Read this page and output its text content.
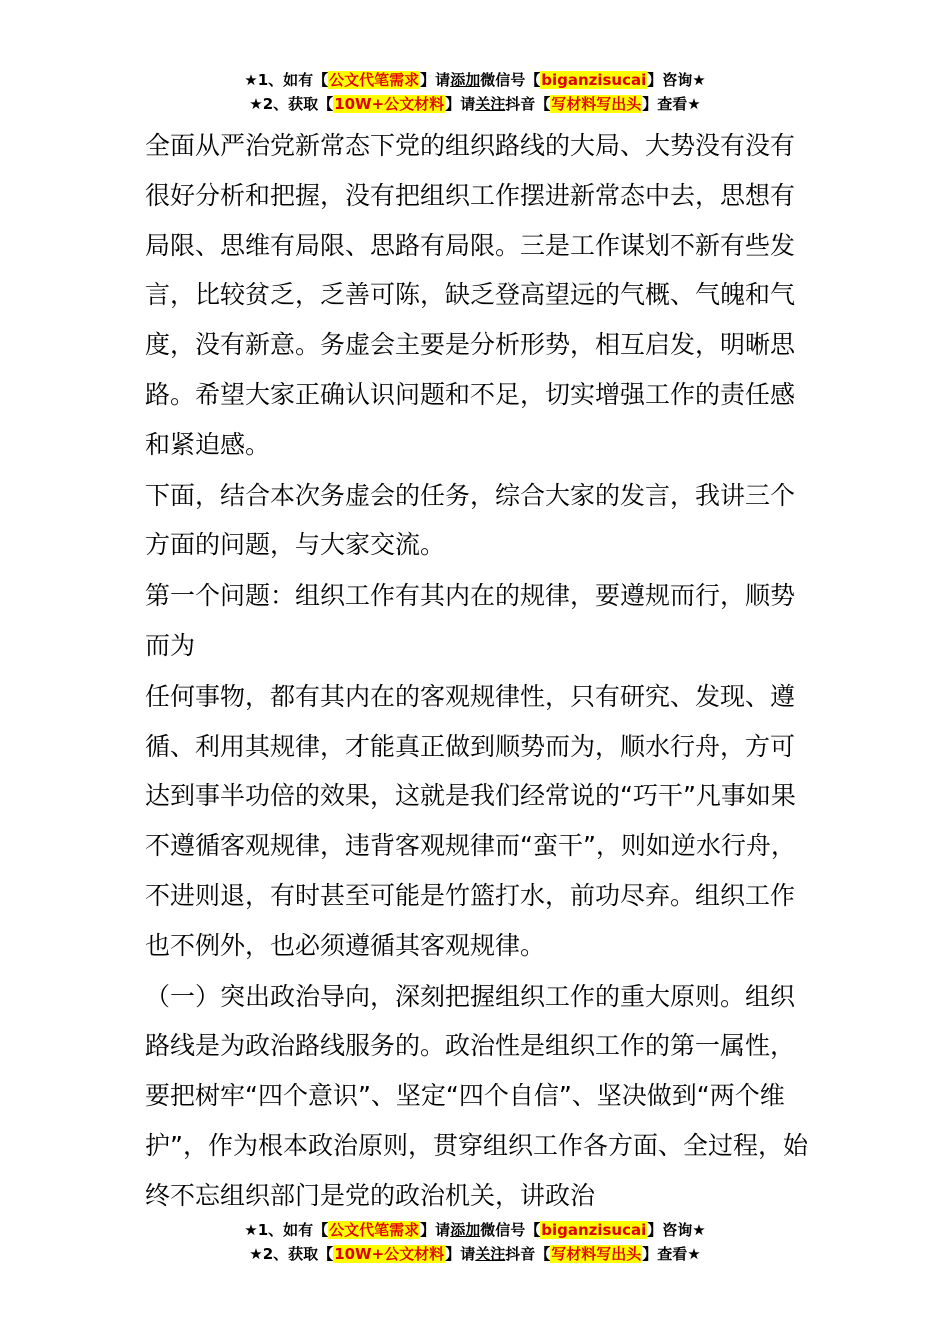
★1、如有【公文代笔需求】请添加微信号【biganzisucai】咨询★
★2、获取【10W+公文材料】请关注抖音【写材料写出头】查看★

全面从严治党新常态下党的组织路线的大局、大势没有没有很好分析和把握，没有把组织工作摆进新常态中去，思想有局限、思维有局限、思路有局限。三是工作谋划不新有些发言，比较贫乏，乏善可陈，缺乏登高望远的气概、气魄和气度，没有新意。务虚会主要是分析形势，相互启发，明晰思路。希望大家正确认识问题和不足，切实增强工作的责任感和紧迫感。

下面，结合本次务虚会的任务，综合大家的发言，我讲三个方面的问题，与大家交流。

第一个问题：组织工作有其内在的规律，要遵规而行，顺势而为

任何事物，都有其内在的客观规律性，只有研究、发现、遵循、利用其规律，才能真正做到顺势而为，顺水行舟，方可达到事半功倍的效果，这就是我们经常说的“巧干”凡事如果不遵循客观规律，违背客观规律而“蛮干”，则如逆水行舟，不进则退，有时甚至可能是竹篮打水，前功尽弃。组织工作也不例外，也必须遵循其客观规律。

（一）突出政治导向，深刻把握组织工作的重大原则。组织路线是为政治路线服务的。政治性是组织工作的第一属性，要把树牢“四个意识”、坚定“四个自信”、坚决做到“两个维护”，作为根本政治原则，贯穿组织工作各方面、全过程，始终不忘组织部门是党的政治机关，讲政治

★1、如有【公文代笔需求】请添加微信号【biganzisucai】咨询★
★2、获取【10W+公文材料】请关注抖音【写材料写出头】查看★
